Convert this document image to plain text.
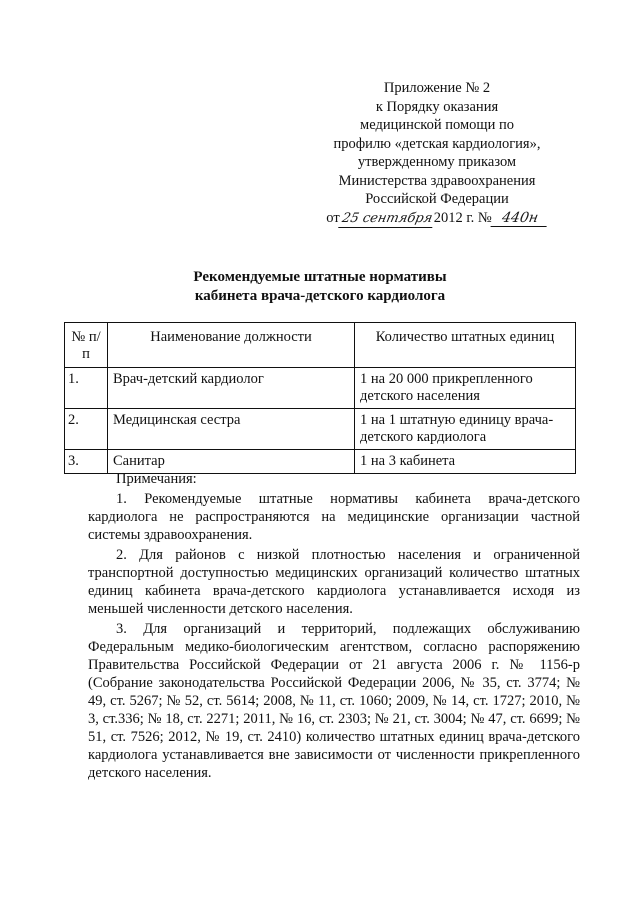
Приложение № 2
к Порядку оказания
медицинской помощи по
профилю «детская кардиология»,
утвержденному приказом
Министерства здравоохранения
Российской Федерации
от25 сентября2012 г. № 440н
Рекомендуемые штатные нормативы
кабинета врача-детского кардиолога
№ п/п	Наименование должности	Количество штатных единиц
1.	Врач-детский кардиолог	1 на 20 000 прикрепленного детского населения
2.	Медицинская сестра	1 на 1 штатную единицу врача-детского кардиолога
3.	Санитар	1 на 3 кабинета
Примечания:

1. Рекомендуемые штатные нормативы кабинета врача-детского кардиолога не распространяются на медицинские организации частной системы здравоохранения.

2. Для районов с низкой плотностью населения и ограниченной транспортной доступностью медицинских организаций количество штатных единиц кабинета врача-детского кардиолога устанавливается исходя из меньшей численности детского населения.

3. Для организаций и территорий, подлежащих обслуживанию Федеральным медико-биологическим агентством, согласно распоряжению Правительства Российской Федерации от 21 августа 2006 г. № 1156-р (Собрание законодательства Российской Федерации 2006, № 35, ст. 3774; № 49, ст. 5267; № 52, ст. 5614; 2008, № 11, ст. 1060; 2009, № 14, ст. 1727; 2010, № 3, ст.336; № 18, ст. 2271; 2011, № 16, ст. 2303; № 21, ст. 3004; № 47, ст. 6699; № 51, ст. 7526; 2012, № 19, ст. 2410) количество штатных единиц врача-детского кардиолога устанавливается вне зависимости от численности прикрепленного детского населения.
